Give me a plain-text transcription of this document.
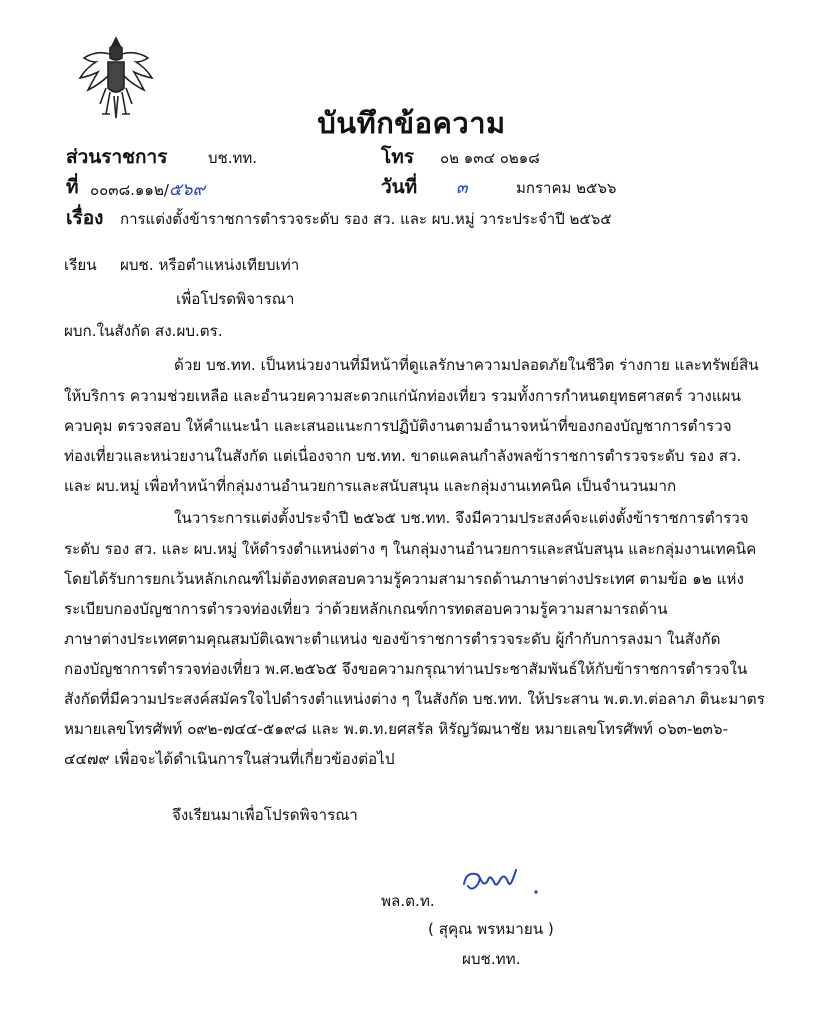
บันทึกข้อความ
ส่วนราชการ	บช.ทท.	โทร ๐๒ ๑๓๔ ๐๒๑๘
ที่ ๐๐๓๘.๑๑๒/๕๖๙	วันที่ ๓	มกราคม ๒๕๖๖
เรื่อง การแต่งตั้งข้าราชการตำรวจระดับ รอง สว. และ ผบ.หมู่ วาระประจำปี ๒๕๖๕
เรียน ผบช. หรือตำแหน่งเทียบเท่า
เพื่อโปรดพิจารณา
ผบก.ในสังกัด สง.ผบ.ตร.
ด้วย บช.ทท. เป็นหน่วยงานที่มีหน้าที่ดูแลรักษาความปลอดภัยในชีวิต ร่างกาย และทรัพย์สิน
ให้บริการ ความช่วยเหลือ และอำนวยความสะดวกแก่นักท่องเที่ยว รวมทั้งการกำหนดยุทธศาสตร์ วางแผน
ควบคุม ตรวจสอบ ให้คำแนะนำ และเสนอแนะการปฏิบัติงานตามอำนาจหน้าที่ของกองบัญชาการตำรวจ
ท่องเที่ยวและหน่วยงานในสังกัด แต่เนื่องจาก บช.ทท. ขาดแคลนกำลังพลข้าราชการตำรวจระดับ รอง สว.
และ ผบ.หมู่ เพื่อทำหน้าที่กลุ่มงานอำนวยการและสนับสนุน และกลุ่มงานเทคนิค เป็นจำนวนมาก
ในวาระการแต่งตั้งประจำปี ๒๕๖๕ บช.ทท. จึงมีความประสงค์จะแต่งตั้งข้าราชการตำรวจ
ระดับ รอง สว. และ ผบ.หมู่ ให้ดำรงตำแหน่งต่าง ๆ ในกลุ่มงานอำนวยการและสนับสนุน และกลุ่มงานเทคนิค
โดยได้รับการยกเว้นหลักเกณฑ์ไม่ต้องทดสอบความรู้ความสามารถด้านภาษาต่างประเทศ ตามข้อ ๑๒ แห่ง
ระเบียบกองบัญชาการตำรวจท่องเที่ยว ว่าด้วยหลักเกณฑ์การทดสอบความรู้ความสามารถด้าน
ภาษาต่างประเทศตามคุณสมบัติเฉพาะตำแหน่ง ของข้าราชการตำรวจระดับ ผู้กำกับการลงมา ในสังกัด
กองบัญชาการตำรวจท่องเที่ยว พ.ศ.๒๕๖๕ จึงขอความกรุณาท่านประชาสัมพันธ์ให้กับข้าราชการตำรวจใน
สังกัดที่มีความประสงค์สมัครใจไปดำรงตำแหน่งต่าง ๆ ในสังกัด บช.ทท. ให้ประสาน พ.ต.ท.ต่อลาภ ตินะมาตร
หมายเลขโทรศัพท์ ๐๙๒-๗๔๔-๕๑๙๘ และ พ.ต.ท.ยศสรัล หิรัญวัฒนาชัย หมายเลขโทรศัพท์ ๐๖๓-๒๓๖-
๔๔๗๙ เพื่อจะได้ดำเนินการในส่วนที่เกี่ยวข้องต่อไป
จึงเรียนมาเพื่อโปรดพิจารณา
พล.ต.ท.
( สุคุณ พรหมายน )
ผบช.ทท.
